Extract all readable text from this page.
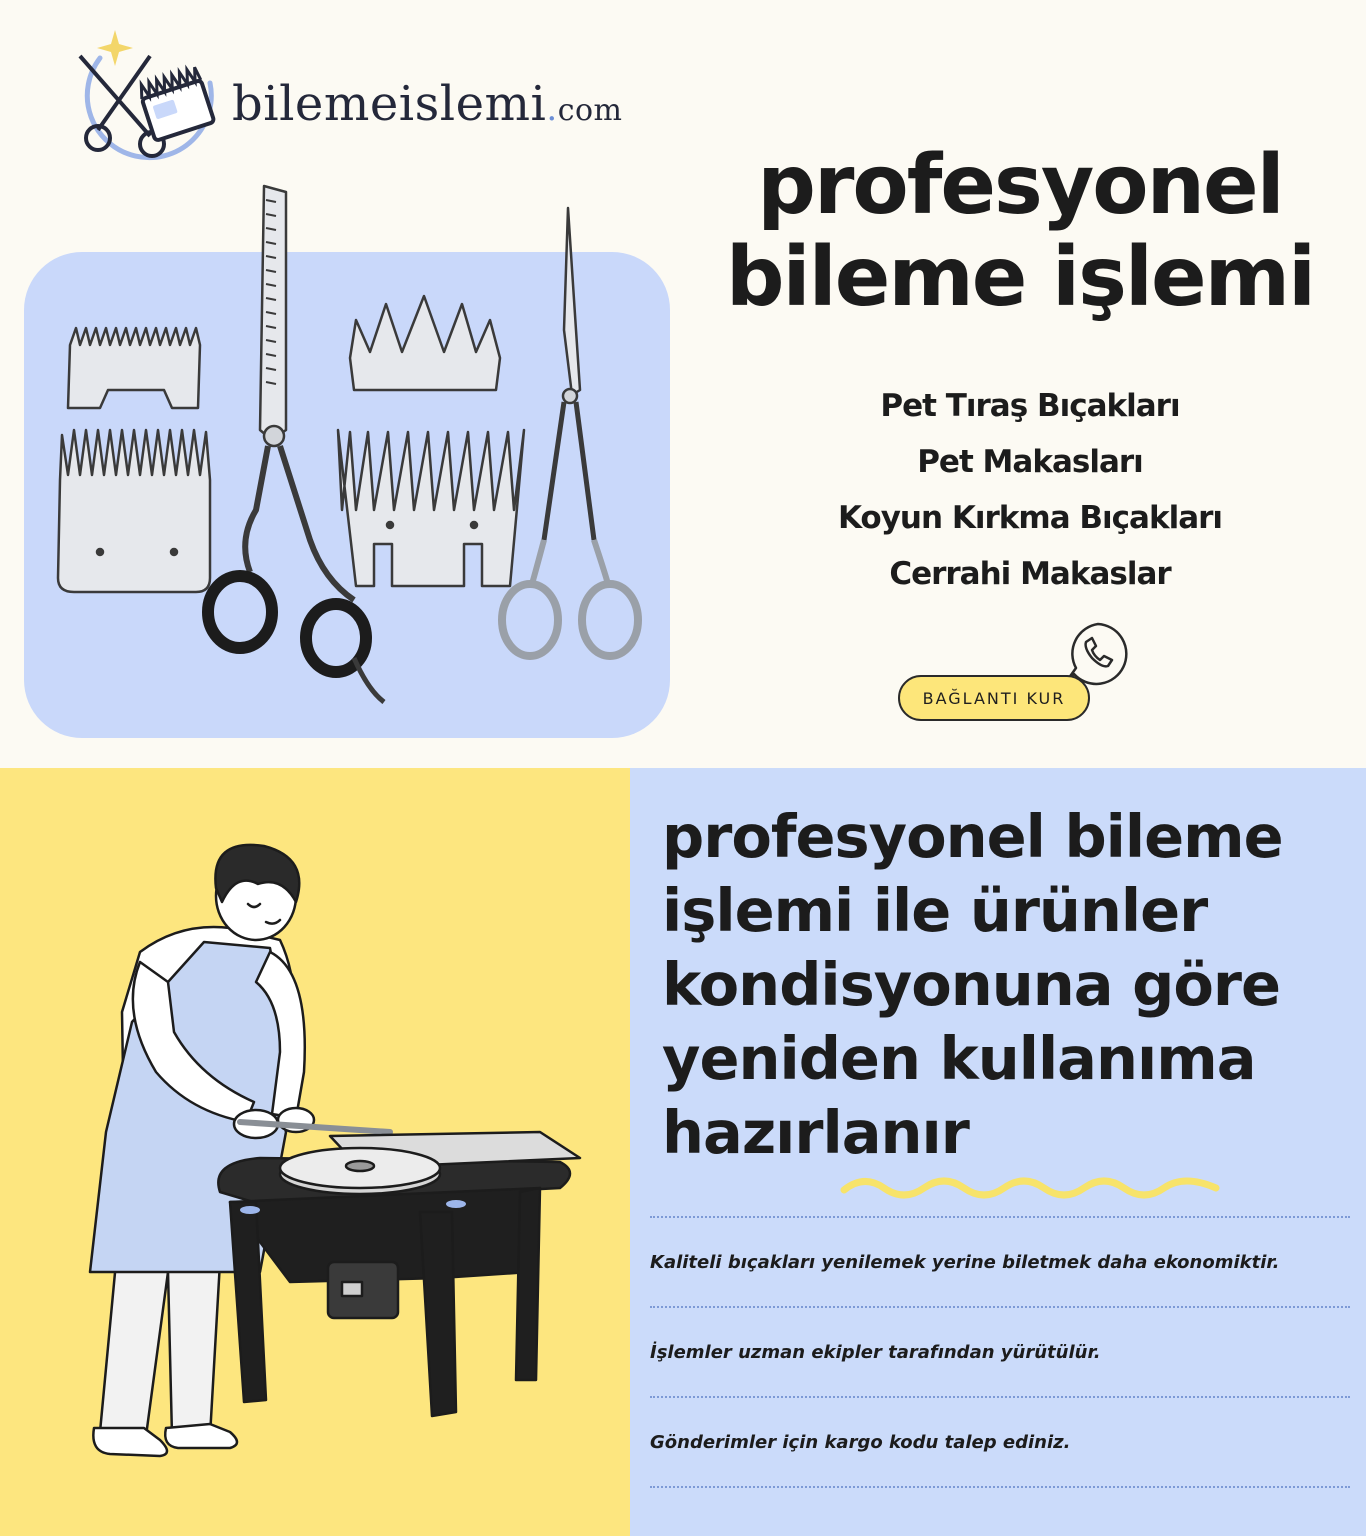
bilemeislemi.com
profesyonel
bileme işlemi
Pet Tıraş Bıçakları
Pet Makasları
Koyun Kırkma Bıçakları
Cerrahi Makaslar
BAĞLANTI KUR
profesyonel bileme işlemi ile ürünler kondisyonuna göre yeniden kullanıma hazırlanır
Kaliteli bıçakları yenilemek yerine biletmek daha ekonomiktir.
İşlemler uzman ekipler tarafından yürütülür.
Gönderimler için kargo kodu talep ediniz.
